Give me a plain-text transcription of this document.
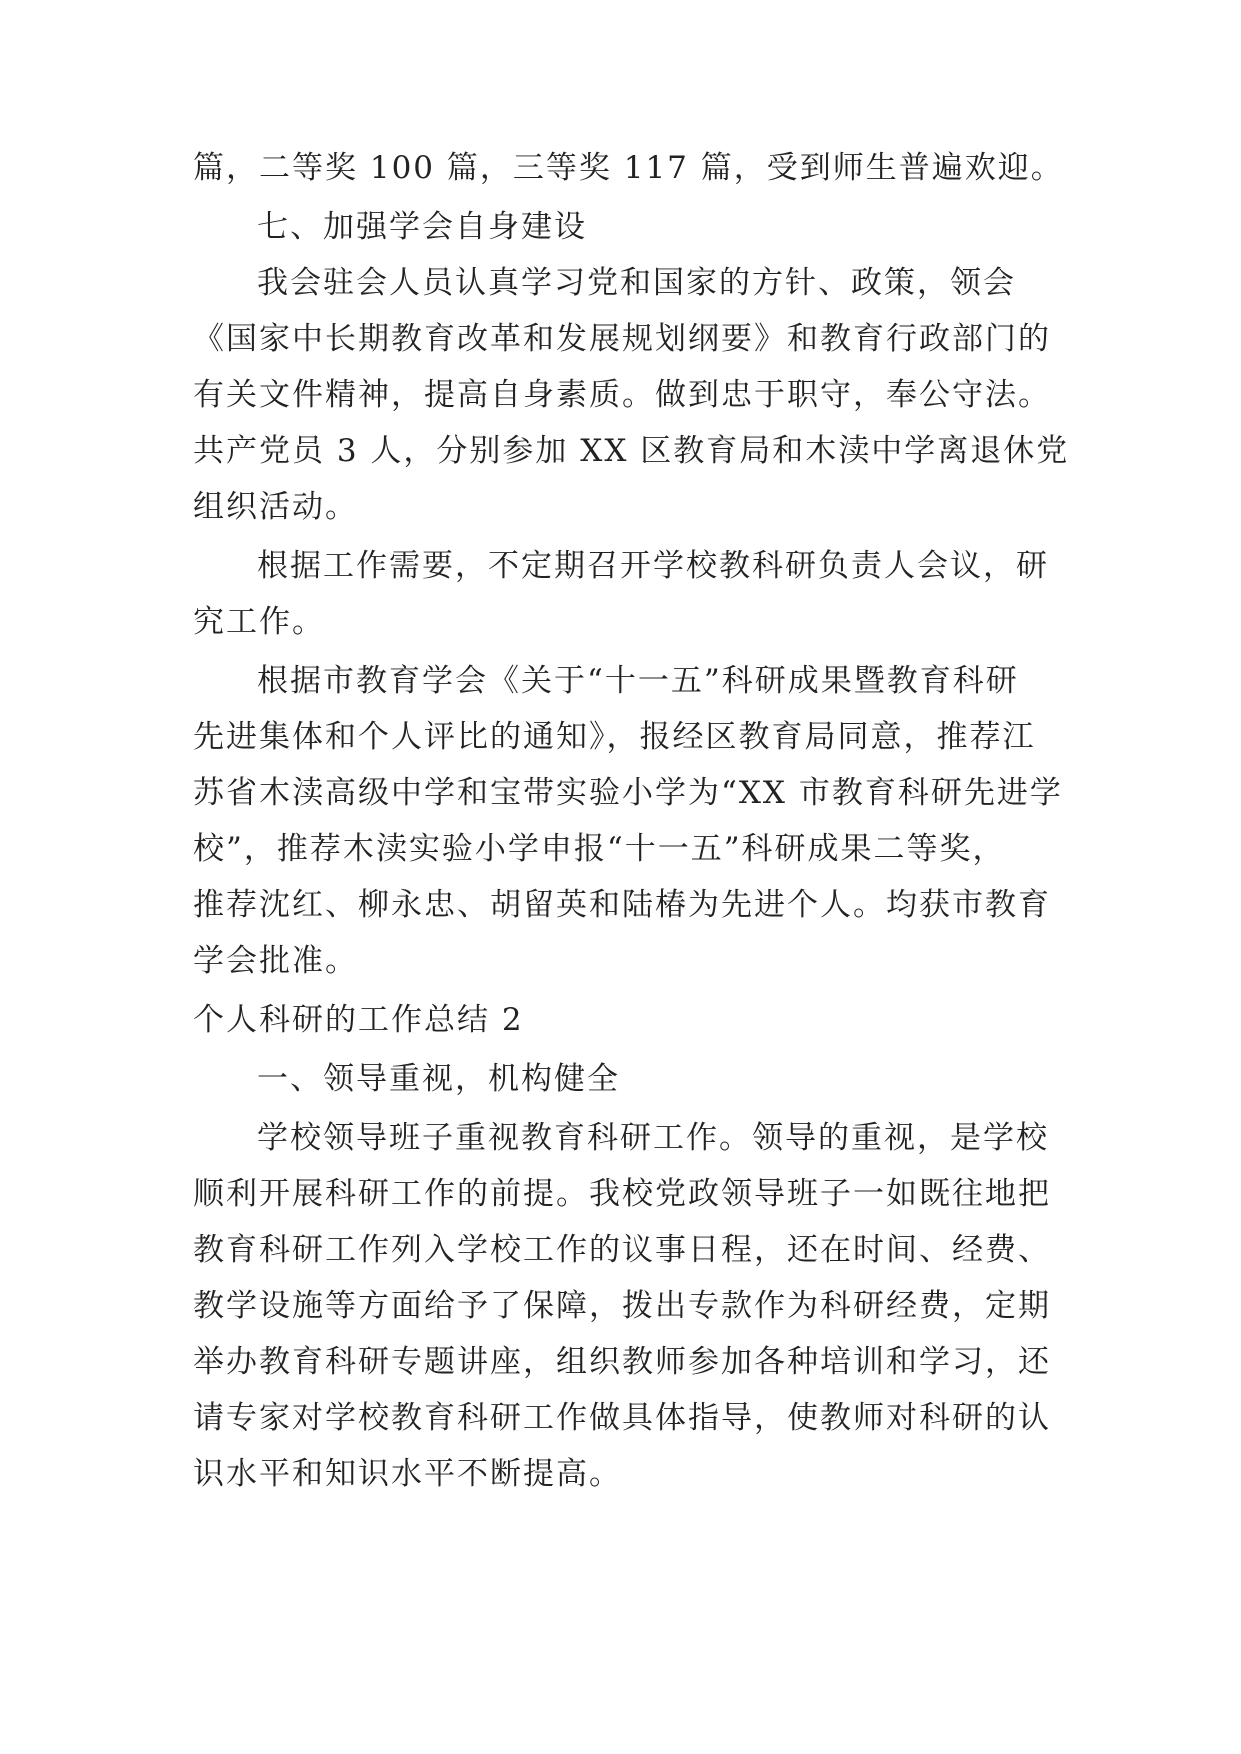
篇，二等奖 100 篇，三等奖 117 篇，受到师生普遍欢迎。
七、加强学会自身建设
我会驻会人员认真学习党和国家的方针、政策，领会
《国家中长期教育改革和发展规划纲要》和教育行政部门的
有关文件精神，提高自身素质。做到忠于职守，奉公守法。
共产党员 3 人，分别参加 XX 区教育局和木渎中学离退休党
组织活动。
根据工作需要，不定期召开学校教科研负责人会议，研
究工作。
根据市教育学会《关于“十一五”科研成果暨教育科研
先进集体和个人评比的通知》，报经区教育局同意，推荐江
苏省木渎高级中学和宝带实验小学为“XX 市教育科研先进学
校”，推荐木渎实验小学申报“十一五”科研成果二等奖，
推荐沈红、柳永忠、胡留英和陆椿为先进个人。均获市教育
学会批准。
个人科研的工作总结 2
一、领导重视，机构健全
学校领导班子重视教育科研工作。领导的重视，是学校
顺利开展科研工作的前提。我校党政领导班子一如既往地把
教育科研工作列入学校工作的议事日程，还在时间、经费、
教学设施等方面给予了保障，拨出专款作为科研经费，定期
举办教育科研专题讲座，组织教师参加各种培训和学习，还
请专家对学校教育科研工作做具体指导，使教师对科研的认
识水平和知识水平不断提高。
